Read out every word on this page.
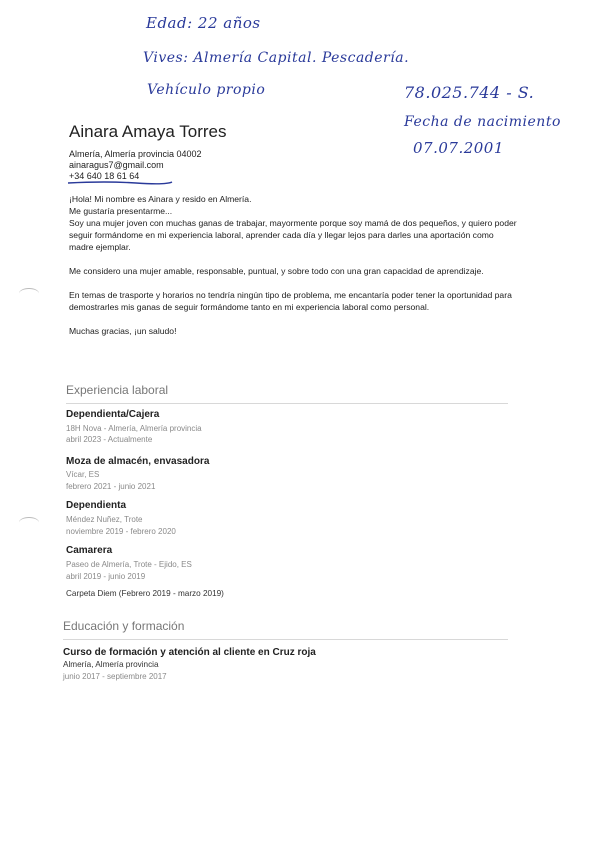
Edad: 22 años
Vives: Almería Capital. Pescadería.
Vehículo propio	78.025.744 - S.
Fecha de nacimiento
07.07.2001
Ainara Amaya Torres
Almería, Almería provincia 04002
ainaragus7@gmail.com
+34 640 18 61 64

¡Hola! Mi nombre es Ainara y resido en Almería.

Me gustaría presentarme...

Soy una mujer joven con muchas ganas de trabajar, mayormente porque soy mamá de dos pequeños, y quiero poder seguir formándome en mi experiencia laboral, aprender cada día y llegar lejos para darles una aportación como madre ejemplar.

Me considero una mujer amable, responsable, puntual, y sobre todo con una gran capacidad de aprendizaje.

En temas de trasporte y horarios no tendría ningún tipo de problema, me encantaría poder tener la oportunidad para demostrarles mis ganas de seguir formándome tanto en mi experiencia laboral como personal.

Muchas gracias, ¡un saludo!

Experiencia laboral
Dependienta/Cajera
18H Nova - Almería, Almería provincia
abril 2023 - Actualmente
Moza de almacén, envasadora
Vícar, ES
febrero 2021 - junio 2021
Dependienta
Méndez Nuñez, Trote
noviembre 2019 - febrero 2020
Camarera
Paseo de Almería, Trote - Ejido, ES
abril 2019 - junio 2019
Carpeta Diem (Febrero 2019 - marzo 2019)
Educación y formación
Curso de formación y atención al cliente en Cruz roja
Almería, Almería provincia
junio 2017 - septiembre 2017
